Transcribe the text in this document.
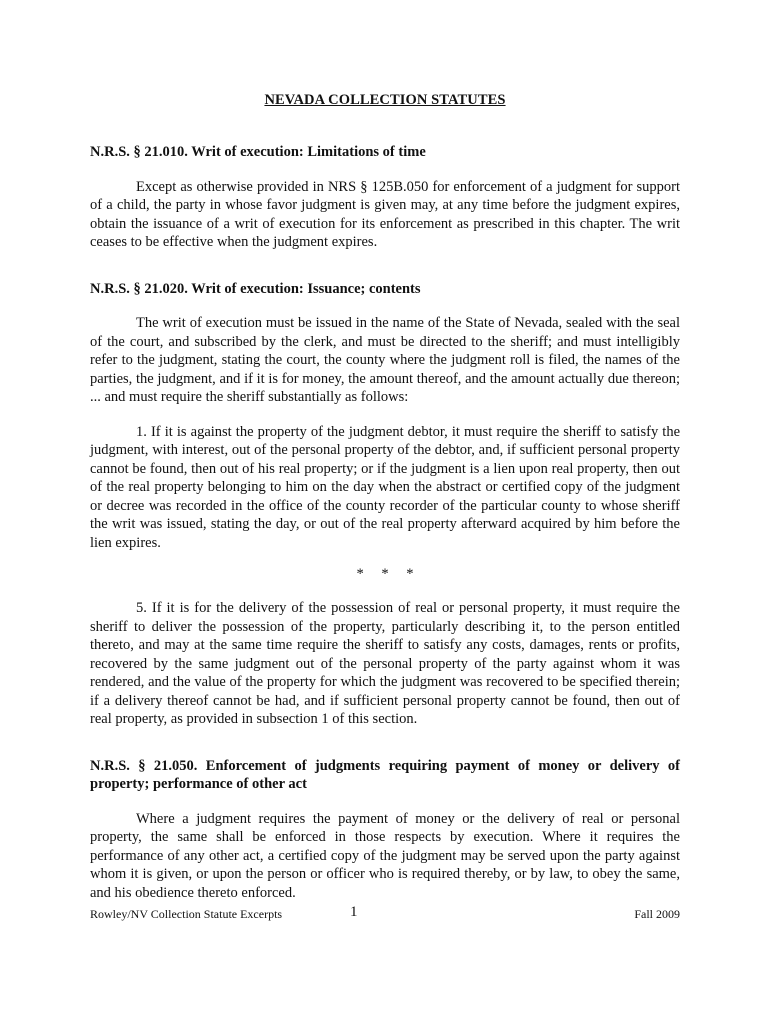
NEVADA COLLECTION STATUTES
N.R.S. § 21.010. Writ of execution: Limitations of time

Except as otherwise provided in NRS § 125B.050 for enforcement of a judgment for support of a child, the party in whose favor judgment is given may, at any time before the judgment expires, obtain the issuance of a writ of execution for its enforcement as prescribed in this chapter. The writ ceases to be effective when the judgment expires.

N.R.S. § 21.020. Writ of execution: Issuance; contents

The writ of execution must be issued in the name of the State of Nevada, sealed with the seal of the court, and subscribed by the clerk, and must be directed to the sheriff; and must intelligibly refer to the judgment, stating the court, the county where the judgment roll is filed, the names of the parties, the judgment, and if it is for money, the amount thereof, and the amount actually due thereon; ... and must require the sheriff substantially as follows:

1. If it is against the property of the judgment debtor, it must require the sheriff to satisfy the judgment, with interest, out of the personal property of the debtor, and, if sufficient personal property cannot be found, then out of his real property; or if the judgment is a lien upon real property, then out of the real property belonging to him on the day when the abstract or certified copy of the judgment or decree was recorded in the office of the county recorder of the particular county to whose sheriff the writ was issued, stating the day, or out of the real property afterward acquired by him before the lien expires.

* * *

5. If it is for the delivery of the possession of real or personal property, it must require the sheriff to deliver the possession of the property, particularly describing it, to the person entitled thereto, and may at the same time require the sheriff to satisfy any costs, damages, rents or profits, recovered by the same judgment out of the personal property of the party against whom it was rendered, and the value of the property for which the judgment was recovered to be specified therein; if a delivery thereof cannot be had, and if sufficient personal property cannot be found, then out of real property, as provided in subsection 1 of this section.

N.R.S. § 21.050. Enforcement of judgments requiring payment of money or delivery of property; performance of other act

Where a judgment requires the payment of money or the delivery of real or personal property, the same shall be enforced in those respects by execution. Where it requires the performance of any other act, a certified copy of the judgment may be served upon the party against whom it is given, or upon the person or officer who is required thereby, or by law, to obey the same, and his obedience thereto enforced.

Rowley/NV Collection Statute Excerpts	1	Fall 2009
